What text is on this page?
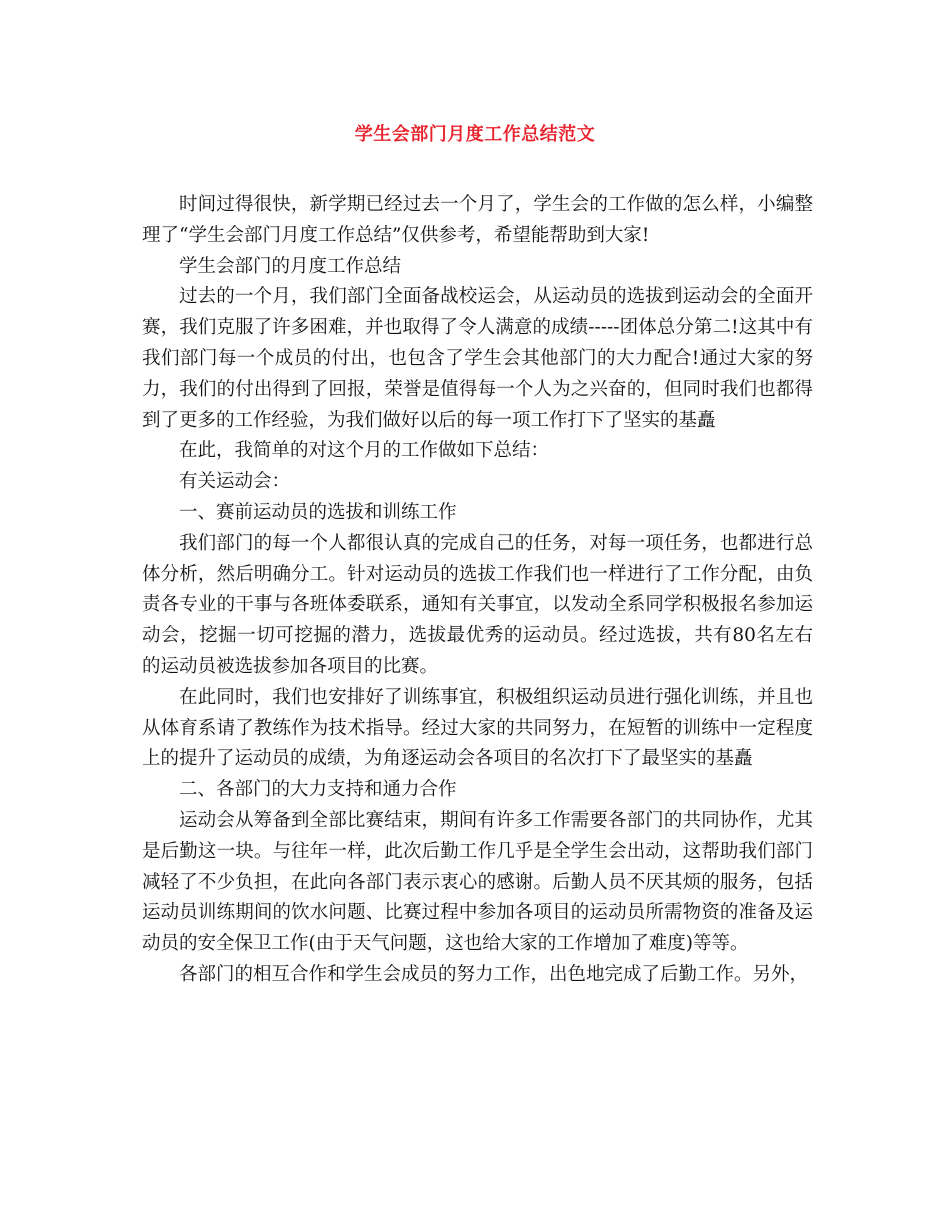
学生会部门月度工作总结范文

时间过得很快，新学期已经过去一个月了，学生会的工作做的怎么样，小编整理了“学生会部门月度工作总结”仅供参考，希望能帮助到大家!

学生会部门的月度工作总结

过去的一个月，我们部门全面备战校运会，从运动员的选拔到运动会的全面开赛，我们克服了许多困难，并也取得了令人满意的成绩-----团体总分第二!这其中有我们部门每一个成员的付出，也包含了学生会其他部门的大力配合!通过大家的努力，我们的付出得到了回报，荣誉是值得每一个人为之兴奋的，但同时我们也都得到了更多的工作经验，为我们做好以后的每一项工作打下了坚实的基矗

在此，我简单的对这个月的工作做如下总结：

有关运动会：

一、赛前运动员的选拔和训练工作

我们部门的每一个人都很认真的完成自己的任务，对每一项任务，也都进行总体分析，然后明确分工。针对运动员的选拔工作我们也一样进行了工作分配，由负责各专业的干事与各班体委联系，通知有关事宜，以发动全系同学积极报名参加运动会，挖掘一切可挖掘的潜力，选拔最优秀的运动员。经过选拔，共有80名左右的运动员被选拔参加各项目的比赛。

在此同时，我们也安排好了训练事宜，积极组织运动员进行强化训练，并且也从体育系请了教练作为技术指导。经过大家的共同努力，在短暂的训练中一定程度上的提升了运动员的成绩，为角逐运动会各项目的名次打下了最坚实的基矗

二、各部门的大力支持和通力合作

运动会从筹备到全部比赛结束，期间有许多工作需要各部门的共同协作，尤其是后勤这一块。与往年一样，此次后勤工作几乎是全学生会出动，这帮助我们部门减轻了不少负担，在此向各部门表示衷心的感谢。后勤人员不厌其烦的服务，包括运动员训练期间的饮水问题、比赛过程中参加各项目的运动员所需物资的准备及运动员的安全保卫工作(由于天气问题，这也给大家的工作增加了难度)等等。

各部门的相互合作和学生会成员的努力工作，出色地完成了后勤工作。另外，
